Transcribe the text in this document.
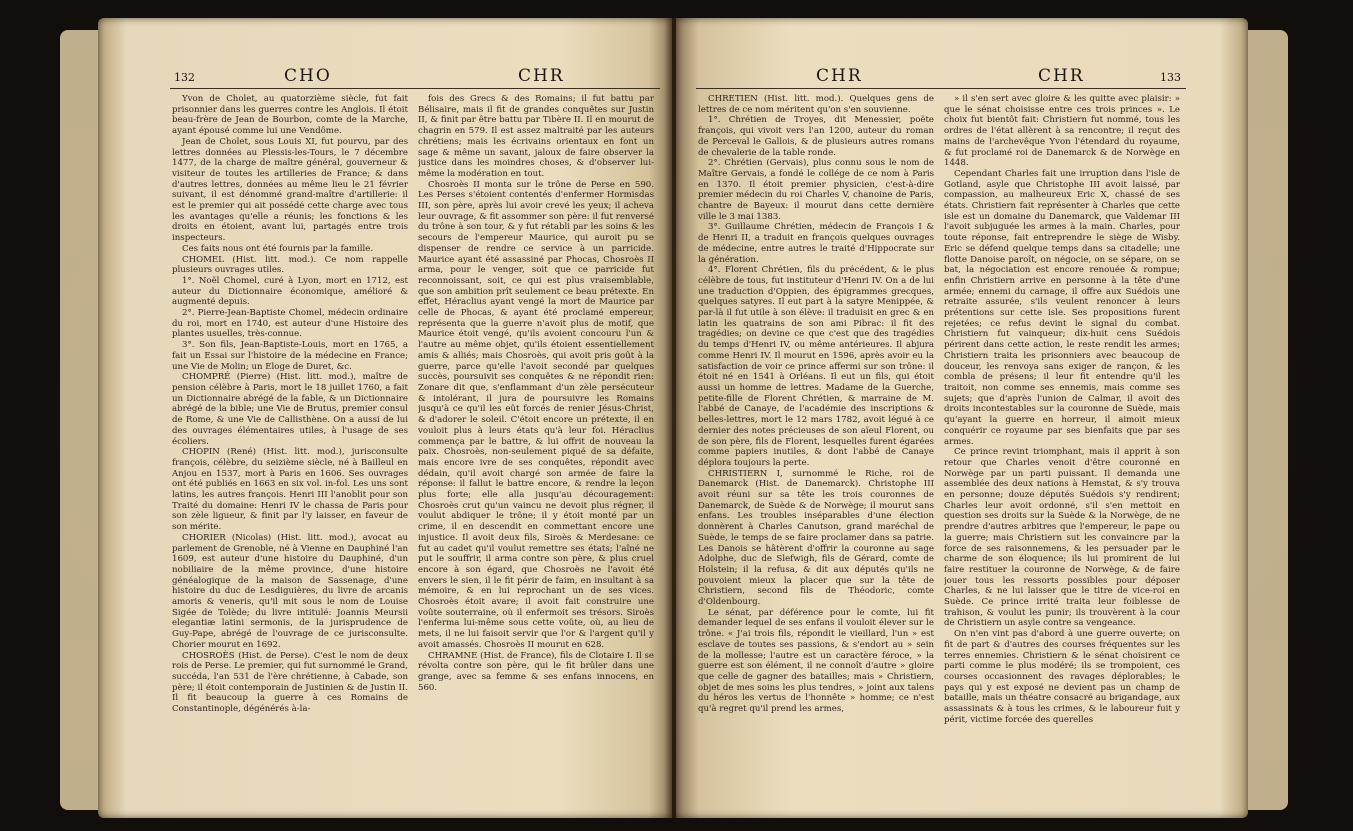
132	CHO	CHR

Yvon de Cholet, au quatorzième siècle, fut fait prisonnier dans les guerres contre les Anglois. Il étoit beau-frère de Jean de Bourbon, comte de la Marche, ayant épousé comme lui une Vendôme.

Jean de Cholet, sous Louis XI, fut pourvu, par des lettres données au Plessis-les-Tours, le 7 décembre 1477, de la charge de maître général, gouverneur & visiteur de toutes les artilleries de France; & dans d'autres lettres, données au même lieu le 21 février suivant, il est dénommé grand-maître d'artillerie: il est le premier qui ait possédé cette charge avec tous les avantages qu'elle a réunis; les fonctions & les droits en étoient, avant lui, partagés entre trois inspecteurs.

Ces faits nous ont été fournis par la famille.

CHOMEL (Hist. litt. mod.). Ce nom rappelle plusieurs ouvrages utiles.

1°. Noël Chomel, curé à Lyon, mort en 1712, est auteur du Dictionnaire économique, amélioré & augmenté depuis.

2°. Pierre-Jean-Baptiste Chomel, médecin ordinaire du roi, mort en 1740, est auteur d'une Histoire des plantes usuelles, très-connue.

3°. Son fils, Jean-Baptiste-Louis, mort en 1765, a fait un Essai sur l'histoire de la médecine en France; une Vie de Molin; un Eloge de Duret, &c.

CHOMPRÉ (Pierre) (Hist. litt. mod.), maître de pension célèbre à Paris, mort le 18 juillet 1760, a fait un Dictionnaire abrégé de la fable, & un Dictionnaire abrégé de la bible; une Vie de Brutus, premier consul de Rome, & une Vie de Callisthène. On a aussi de lui des ouvrages élémentaires utiles, à l'usage de ses écoliers.

CHOPIN (René) (Hist. litt. mod.), jurisconsulte françois, célèbre, du seizième siècle, né à Bailleul en Anjou en 1537, mort à Paris en 1606. Ses ouvrages ont été publiés en 1663 en six vol. in-fol. Les uns sont latins, les autres françois. Henri III l'anoblit pour son Traité du domaine: Henri IV le chassa de Paris pour son zèle ligueur, & finit par l'y laisser, en faveur de son mérite.

CHORIER (Nicolas) (Hist. litt. mod.), avocat au parlement de Grenoble, né à Vienne en Dauphiné l'an 1609, est auteur d'une histoire du Dauphiné, d'un nobiliaire de la même province, d'une histoire généalogique de la maison de Sassenage, d'une histoire du duc de Lesdiguières, du livre de arcanis amoris & veneris, qu'il mit sous le nom de Louise Sigée de Tolède; du livre intitulé: Joannis Meursii elegantiæ latini sermonis, de la jurisprudence de Guy-Pape, abrégé de l'ouvrage de ce jurisconsulte. Chorier mourut en 1692.

CHOSROÈS (Hist. de Perse). C'est le nom de deux rois de Perse. Le premier, qui fut surnommé le Grand, succéda, l'an 531 de l'ère chrétienne, à Cabade, son père; il étoit contemporain de Justinien & de Justin II. Il fit beaucoup la guerre à ces Romains de Constantinople, dégénérés à-la-

fois des Grecs & des Romains; il fut battu par Bélisaire, mais il fit de grandes conquêtes sur Justin II, & finit par être battu par Tibère II. Il en mourut de chagrin en 579. Il est assez maltraité par les auteurs chrétiens; mais les écrivains orientaux en font un sage & même un savant, jaloux de faire observer la justice dans les moindres choses, & d'observer lui-même la modération en tout.

Chosroès II monta sur le trône de Perse en 590. Les Perses s'étoient contentés d'enfermer Hormisdas III, son père, après lui avoir crevé les yeux; il acheva leur ouvrage, & fit assommer son père: il fut renversé du trône à son tour, & y fut rétabli par les soins & les secours de l'empereur Maurice, qui auroit pu se dispenser de rendre ce service à un parricide. Maurice ayant été assassiné par Phocas, Chosroès II arma, pour le venger, soit que ce parricide fut reconnoissant, soit, ce qui est plus vraisemblable, que son ambition prît seulement ce beau prétexte. En effet, Héraclius ayant vengé la mort de Maurice par celle de Phocas, & ayant été proclamé empereur, représenta que la guerre n'avoit plus de motif, que Maurice étoit vengé, qu'ils avoient concouru l'un & l'autre au même objet, qu'ils étoient essentiellement amis & alliés; mais Chosroès, qui avoit pris goût à la guerre, parce qu'elle l'avoit secondé par quelques succès, poursuivit ses conquêtes & ne répondit rien: Zonare dit que, s'enflammant d'un zèle persécuteur & intolérant, il jura de poursuivre les Romains jusqu'à ce qu'il les eût forcés de renier Jésus-Christ, & d'adorer le soleil. C'étoit encore un prétexte, il en vouloit plus à leurs états qu'à leur foi. Héraclius commença par le battre, & lui offrit de nouveau la paix. Chosroès, non-seulement piqué de sa défaite, mais encore ivre de ses conquêtes, répondit avec dédain, qu'il avoit chargé son armée de faire la réponse: il fallut le battre encore, & rendre la leçon plus forte; elle alla jusqu'au découragement: Chosroès crut qu'un vaincu ne devoit plus régner, il voulut abdiquer le trône; il y étoit monté par un crime, il en descendit en commettant encore une injustice. Il avoit deux fils, Siroès & Merdesane: ce fut au cadet qu'il voulut remettre ses états; l'aîné ne put le souffrir, il arma contre son père, & plus cruel encore à son égard, que Chosroès ne l'avoit été envers le sien, il le fit périr de faim, en insultant à sa mémoire, & en lui reprochant un de ses vices. Chosroès étoit avare; il avoit fait construire une voûte souterraine, où il enfermoit ses trésors. Siroès l'enferma lui-même sous cette voûte, où, au lieu de mets, il ne lui faisoit servir que l'or & l'argent qu'il y avoit amassés. Chosroès II mourut en 628.

CHRAMNE (Hist. de France), fils de Clotaire I. Il se révolta contre son père, qui le fit brûler dans une grange, avec sa femme & ses enfans innocens, en 560.

CHR	CHR	133

CHRÉTIEN (Hist. litt. mod.). Quelques gens de lettres de ce nom méritent qu'on s'en souvienne.

1°. Chrétien de Troyes, dit Menessier, poëte françois, qui vivoit vers l'an 1200, auteur du roman de Perceval le Gallois, & de plusieurs autres romans de chevalerie de la table ronde.

2°. Chrétien (Gervais), plus connu sous le nom de Maître Gervais, a fondé le collége de ce nom à Paris en 1370. Il étoit premier physicien, c'est-à-dire premier médecin du roi Charles V, chanoine de Paris, chantre de Bayeux: il mourut dans cette dernière ville le 3 mai 1383.

3°. Guillaume Chrétien, médecin de François I & de Henri II, a traduit en françois quelques ouvrages de médecine, entre autres le traité d'Hippocrate sur la génération.

4°. Florent Chrétien, fils du précédent, & le plus célèbre de tous, fut instituteur d'Henri IV. On a de lui une traduction d'Oppien, des épigrammes grecques, quelques satyres. Il eut part à la satyre Menippée, & par-là il fut utile à son élève: il traduisit en grec & en latin les quatrains de son ami Pibrac: il fit des tragédies; on devine ce que c'est que des tragédies du temps d'Henri IV, ou même antérieures. Il abjura comme Henri IV. Il mourut en 1596, après avoir eu la satisfaction de voir ce prince affermi sur son trône: il étoit né en 1541 à Orléans. Il eut un fils, qui étoit aussi un homme de lettres. Madame de la Guerche, petite-fille de Florent Chrétien, & marraine de M. l'abbé de Canaye, de l'académie des inscriptions & belles-lettres, mort le 12 mars 1782, avoit légué à ce dernier des notes précieuses de son aïeul Florent, ou de son père, fils de Florent, lesquelles furent égarées comme papiers inutiles, & dont l'abbé de Canaye déplora toujours la perte.

CHRISTIERN I, surnommé le Riche, roi de Danemarck (Hist. de Danemarck). Christophe III avoit réuni sur sa tête les trois couronnes de Danemarck, de Suède & de Norwège; il mourut sans enfans. Les troubles inséparables d'une élection donnèrent à Charles Canutson, grand maréchal de Suède, le temps de se faire proclamer dans sa patrie. Les Danois se hâtèrent d'offrir la couronne au sage Adolphe, duc de Slefwigh, fils de Gérard, comte de Holstein; il la refusa, & dit aux députés qu'ils ne pouvoient mieux la placer que sur la tête de Christiern, second fils de Théodoric, comte d'Oldenbourg.

Le sénat, par déférence pour le comte, lui fit demander lequel de ses enfans il vouloit élever sur le trône. « J'ai trois fils, répondit le vieillard, l'un » est esclave de toutes ses passions, & s'endort au » sein de la mollesse; l'autre est un caractère féroce, » la guerre est son élément, il ne connoît d'autre » gloire que celle de gagner des batailles; mais » Christiern, objet de mes soins les plus tendres, » joint aux talens du héros les vertus de l'honnête » homme; ce n'est qu'à regret qu'il prend les armes,

» il s'en sert avec gloire & les quitte avec plaisir: » que le sénat choisisse entre ces trois princes ». Le choix fut bientôt fait: Christiern fut nommé, tous les ordres de l'état allèrent à sa rencontre; il reçut des mains de l'archevêque Yvon l'étendard du royaume, & fut proclamé roi de Danemarck & de Norwège en 1448.

Cependant Charles fait une irruption dans l'isle de Gotland, asyle que Christophe III avoit laissé, par compassion, au malheureux Eric X, chassé de ses états. Christiern fait représenter à Charles que cette isle est un domaine du Danemarck, que Valdemar III l'avoit subjuguée les armes à la main. Charles, pour toute réponse, fait entreprendre le siège de Wisby. Eric se défend quelque temps dans sa citadelle; une flotte Danoise paroît, on négocie, on se sépare, on se bat, la négociation est encore renouée & rompue; enfin Christiern arrive en personne à la tête d'une armée; ennemi du carnage, il offre aux Suédois une retraite assurée, s'ils veulent renoncer à leurs prétentions sur cette isle. Ses propositions furent rejetées; ce refus devint le signal du combat. Christiern fut vainqueur; dix-huit cens Suédois périrent dans cette action, le reste rendit les armes; Christiern traita les prisonniers avec beaucoup de douceur, les renvoya sans exiger de rançon, & les combla de présens; il leur fit entendre qu'il les traitoit, non comme ses ennemis, mais comme ses sujets; que d'après l'union de Calmar, il avoit des droits incontestables sur la couronne de Suède, mais qu'ayant la guerre en horreur, il aimoit mieux conquérir ce royaume par ses bienfaits que par ses armes.

Ce prince revint triomphant, mais il apprit à son retour que Charles venoit d'être couronné en Norwège par un parti puissant. Il demanda une assemblée des deux nations à Hemstat, & s'y trouva en personne; douze députés Suédois s'y rendirent; Charles leur avoit ordonné, s'il s'en mettoit en question ses droits sur la Suède & la Norwège, de ne prendre d'autres arbitres que l'empereur, le pape ou la guerre; mais Christiern sut les convaincre par la force de ses raisonnemens, & les persuader par le charme de son éloquence; ils lui promirent de lui faire restituer la couronne de Norwège, & de faire jouer tous les ressorts possibles pour déposer Charles, & ne lui laisser que le titre de vice-roi en Suède. Ce prince irrité traita leur foiblesse de trahison, & voulut les punir; ils trouvèrent à la cour de Christiern un asyle contre sa vengeance.

On n'en vint pas d'abord à une guerre ouverte; on fit de part & d'autres des courses fréquentes sur les terres ennemies. Christiern & le sénat choisirent ce parti comme le plus modéré; ils se trompoient, ces courses occasionnent des ravages déplorables; le pays qui y est exposé ne devient pas un champ de bataille, mais un théatre consacré au brigandage, aux assassinats & à tous les crimes, & le laboureur fuit y périt, victime forcée des querelles
